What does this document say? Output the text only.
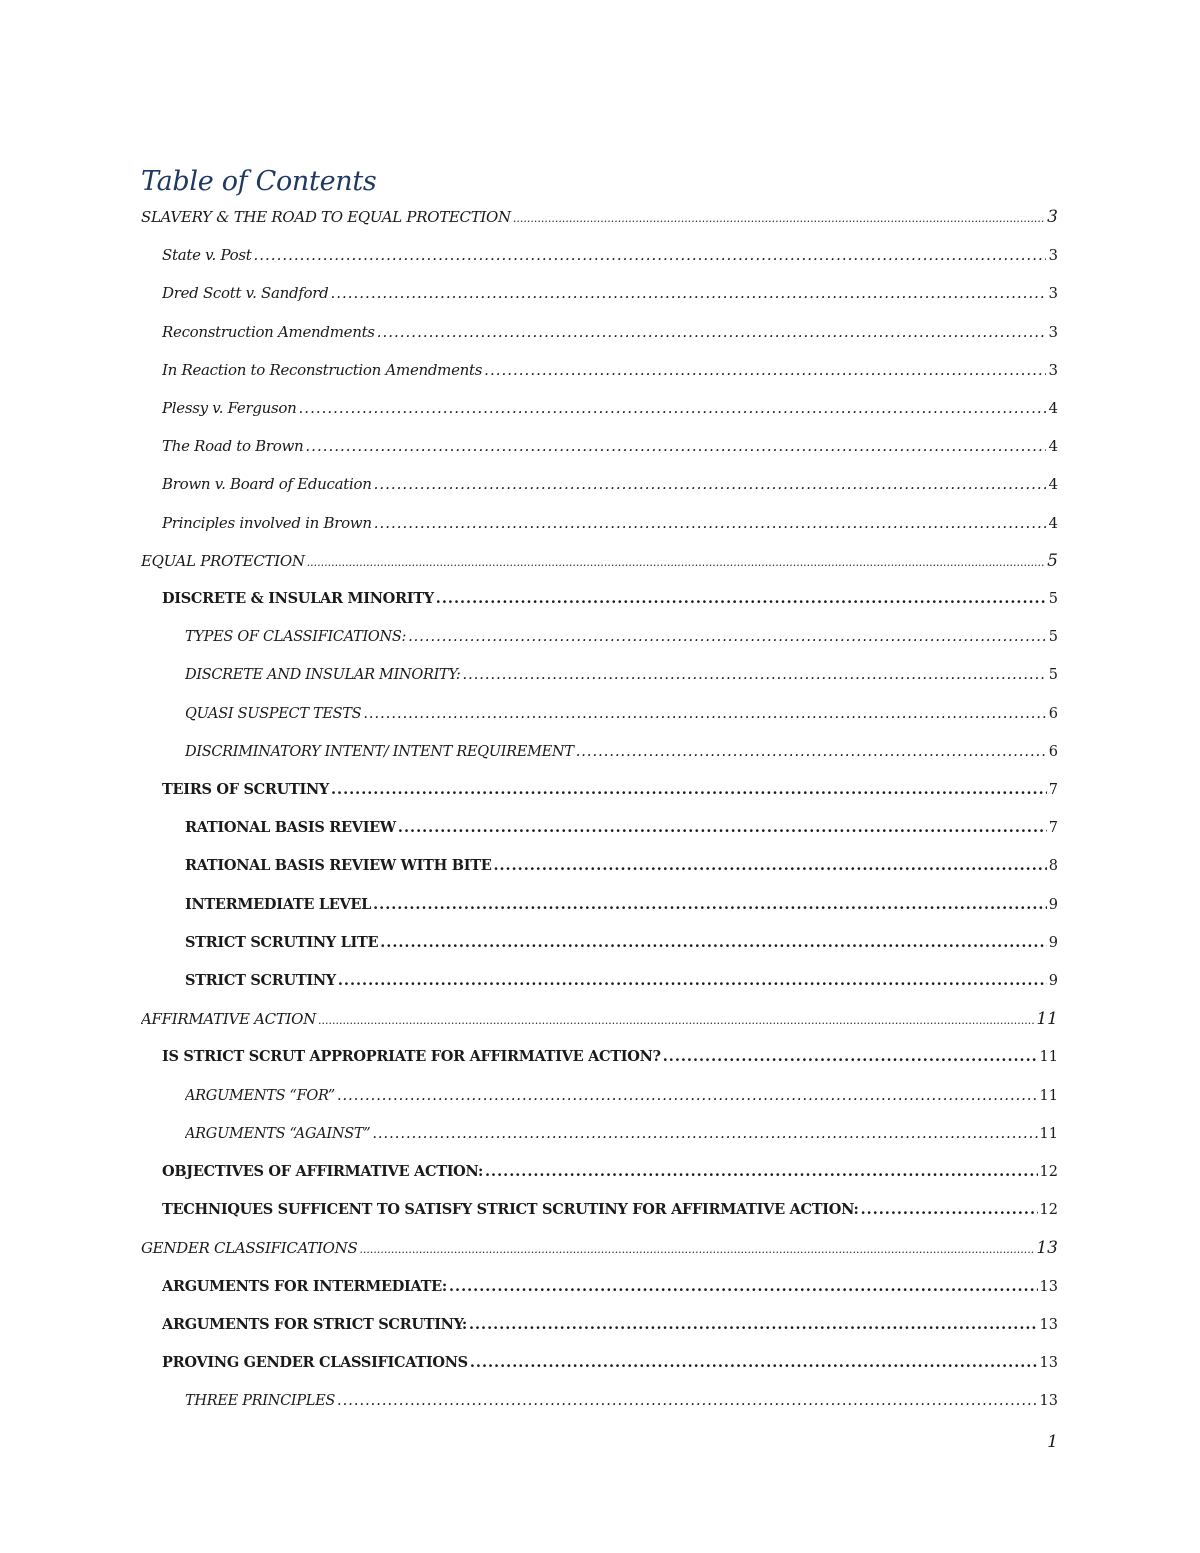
Table of Contents
SLAVERY & THE ROAD TO EQUAL PROTECTION .....	3
State v. Post .....	3
Dred Scott v. Sandford .....	3
Reconstruction Amendments .....	3
In Reaction to Reconstruction Amendments .....	3
Plessy v. Ferguson .....	4
The Road to Brown .....	4
Brown v. Board of Education .....	4
Principles involved in Brown .....	4
EQUAL PROTECTION .....	5
DISCRETE & INSULAR MINORITY .....	5
TYPES OF CLASSIFICATIONS: .....	5
DISCRETE AND INSULAR MINORITY: .....	5
QUASI SUSPECT TESTS .....	6
DISCRIMINATORY INTENT/ INTENT REQUIREMENT .....	6
TEIRS OF SCRUTINY .....	7
RATIONAL BASIS REVIEW .....	7
RATIONAL BASIS REVIEW WITH BITE .....	8
INTERMEDIATE LEVEL .....	9
STRICT SCRUTINY LITE .....	9
STRICT SCRUTINY .....	9
AFFIRMATIVE ACTION .....	11
IS STRICT SCRUT APPROPRIATE FOR AFFIRMATIVE ACTION? .....	11
ARGUMENTS “FOR” .....	11
ARGUMENTS “AGAINST” .....	11
OBJECTIVES OF AFFIRMATIVE ACTION: .....	12
TECHNIQUES SUFFICENT TO SATISFY STRICT SCRUTINY FOR AFFIRMATIVE ACTION: .....	12
GENDER CLASSIFICATIONS .....	13
ARGUMENTS FOR INTERMEDIATE: .....	13
ARGUMENTS FOR STRICT SCRUTINY: .....	13
PROVING GENDER CLASSIFICATIONS .....	13
THREE PRINCIPLES .....	13
1
